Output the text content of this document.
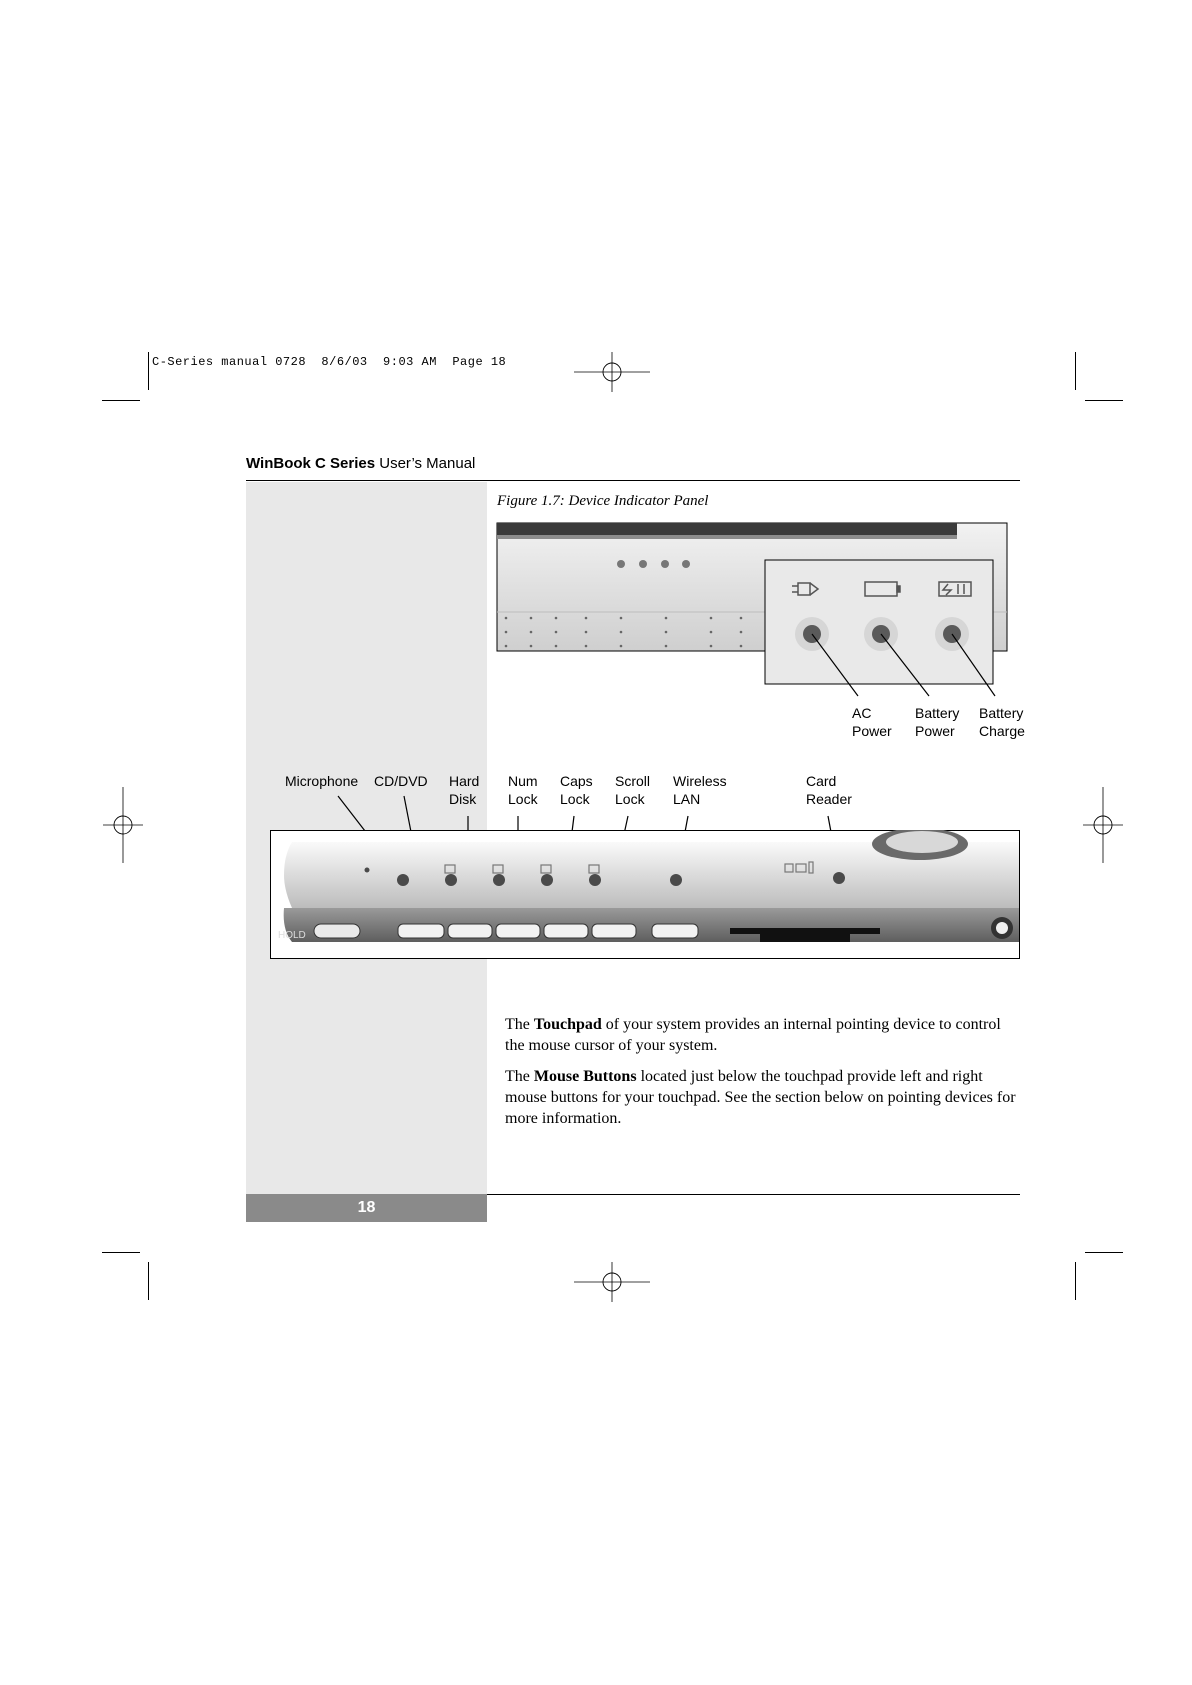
C-Series manual 0728  8/6/03  9:03 AM  Page 18
WinBook C Series User’s Manual
Figure 1.7: Device Indicator Panel
AC
Power
Battery
Power
Battery
Charge
Microphone CD/DVD Hard
Disk
Num
Lock
Caps
Lock
Scroll
Lock
Wireless
LAN
Card
Reader
HOLD
The Touchpad of your system provides an internal pointing device to control the mouse cursor of your system.
The Mouse Buttons located just below the touchpad provide left and right mouse buttons for your touchpad. See the section below on pointing devices for more information.
18
